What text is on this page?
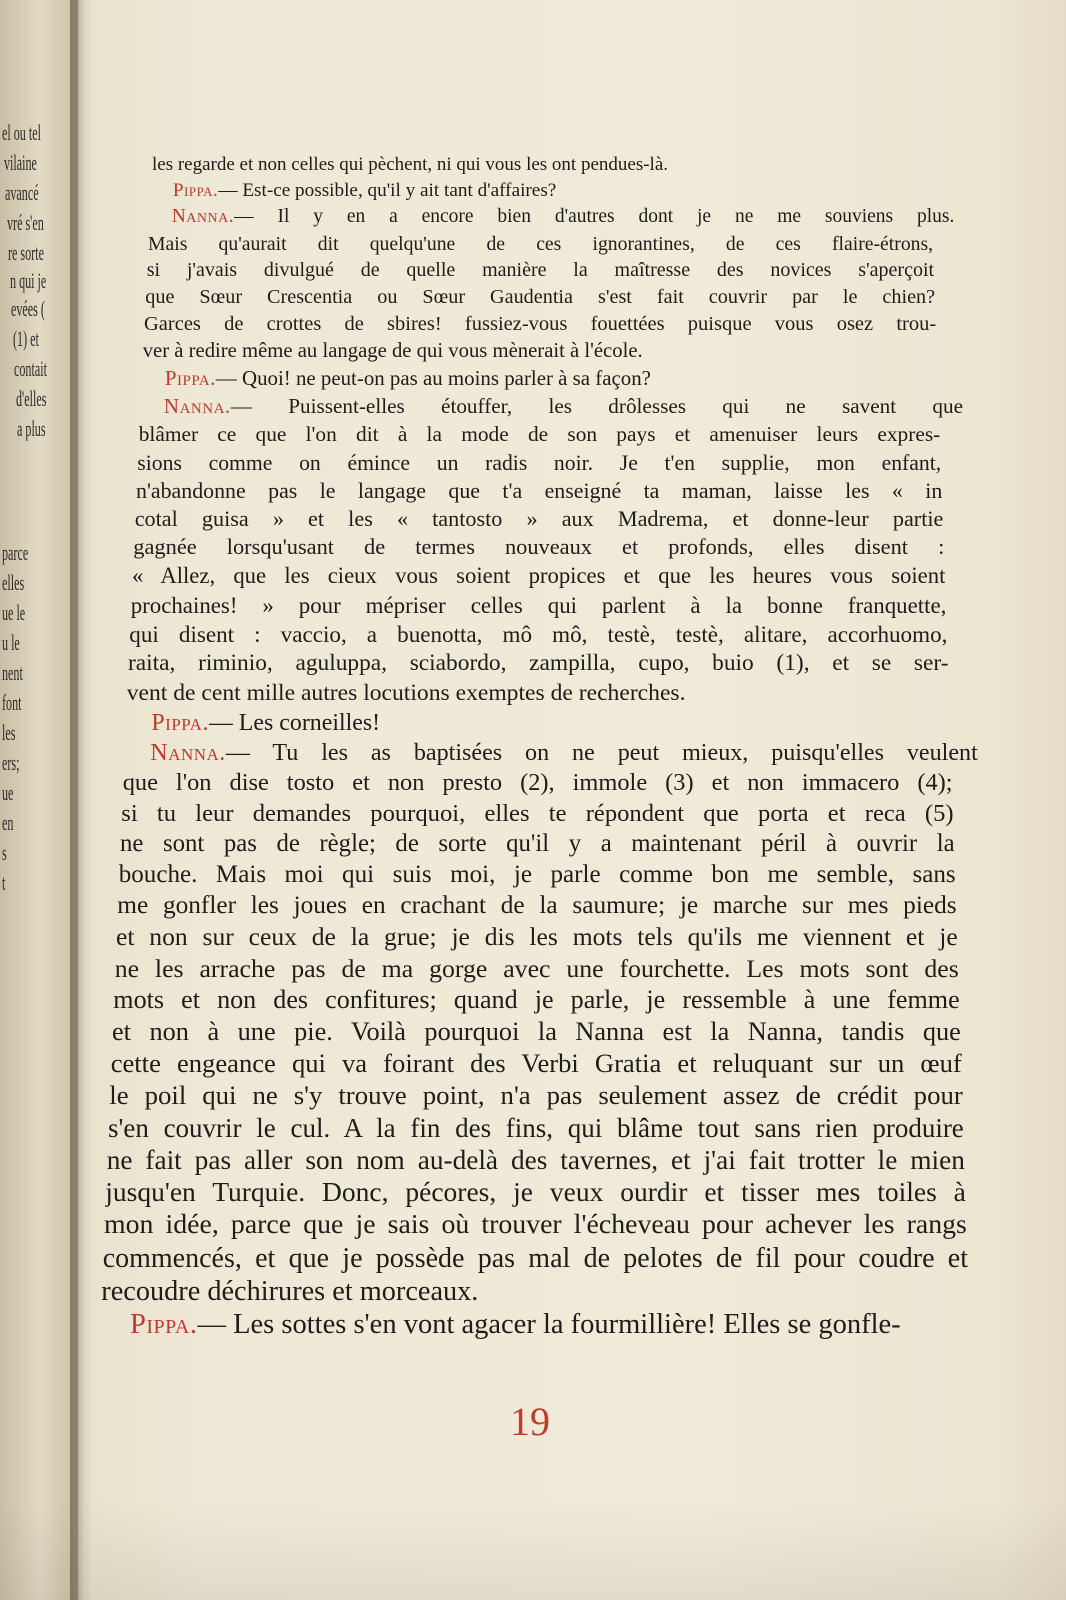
el ou tel
vilaine
avancé
vré s'en
re sorte
n qui je
evées (
(1) et
contait
d'elles
a plus
parce
elles
ue le
u le
nent
font
les
ers;
ue
en
s
t
les regarde et non celles qui pèchent, ni qui vous les ont pendues-là.
Pippa.— Est-ce possible, qu'il y ait tant d'affaires?
Nanna.— Il y en a encore bien d'autres dont je ne me souviens plus.
Mais qu'aurait dit quelqu'une de ces ignorantines, de ces flaire-étrons,
si j'avais divulgué de quelle manière la maîtresse des novices s'aperçoit
que Sœur Crescentia ou Sœur Gaudentia s'est fait couvrir par le chien?
Garces de crottes de sbires! fussiez-vous fouettées puisque vous osez trou-
ver à redire même au langage de qui vous mènerait à l'école.
Pippa.— Quoi! ne peut-on pas au moins parler à sa façon?
Nanna.— Puissent-elles étouffer, les drôlesses qui ne savent que
blâmer ce que l'on dit à la mode de son pays et amenuiser leurs expres-
sions comme on émince un radis noir. Je t'en supplie, mon enfant,
n'abandonne pas le langage que t'a enseigné ta maman, laisse les « in
cotal guisa » et les « tantosto » aux Madrema, et donne-leur partie
gagnée lorsqu'usant de termes nouveaux et profonds, elles disent :
« Allez, que les cieux vous soient propices et que les heures vous soient
prochaines! » pour mépriser celles qui parlent à la bonne franquette,
qui disent : vaccio, a buenotta, mô mô, testè, testè, alitare, accorhuomo,
raita, riminio, aguluppa, sciabordo, zampilla, cupo, buio (1), et se ser-
vent de cent mille autres locutions exemptes de recherches.
Pippa.— Les corneilles!
Nanna.— Tu les as baptisées on ne peut mieux, puisqu'elles veulent
que l'on dise tosto et non presto (2), immole (3) et non immacero (4);
si tu leur demandes pourquoi, elles te répondent que porta et reca (5)
ne sont pas de règle; de sorte qu'il y a maintenant péril à ouvrir la
bouche. Mais moi qui suis moi, je parle comme bon me semble, sans
me gonfler les joues en crachant de la saumure; je marche sur mes pieds
et non sur ceux de la grue; je dis les mots tels qu'ils me viennent et je
ne les arrache pas de ma gorge avec une fourchette. Les mots sont des
mots et non des confitures; quand je parle, je ressemble à une femme
et non à une pie. Voilà pourquoi la Nanna est la Nanna, tandis que
cette engeance qui va foirant des Verbi Gratia et reluquant sur un œuf
le poil qui ne s'y trouve point, n'a pas seulement assez de crédit pour
s'en couvrir le cul. A la fin des fins, qui blâme tout sans rien produire
ne fait pas aller son nom au-delà des tavernes, et j'ai fait trotter le mien
jusqu'en Turquie. Donc, pécores, je veux ourdir et tisser mes toiles à
mon idée, parce que je sais où trouver l'écheveau pour achever les rangs
commencés, et que je possède pas mal de pelotes de fil pour coudre et
recoudre déchirures et morceaux.
Pippa.— Les sottes s'en vont agacer la fourmillière! Elles se gonfle-
19
